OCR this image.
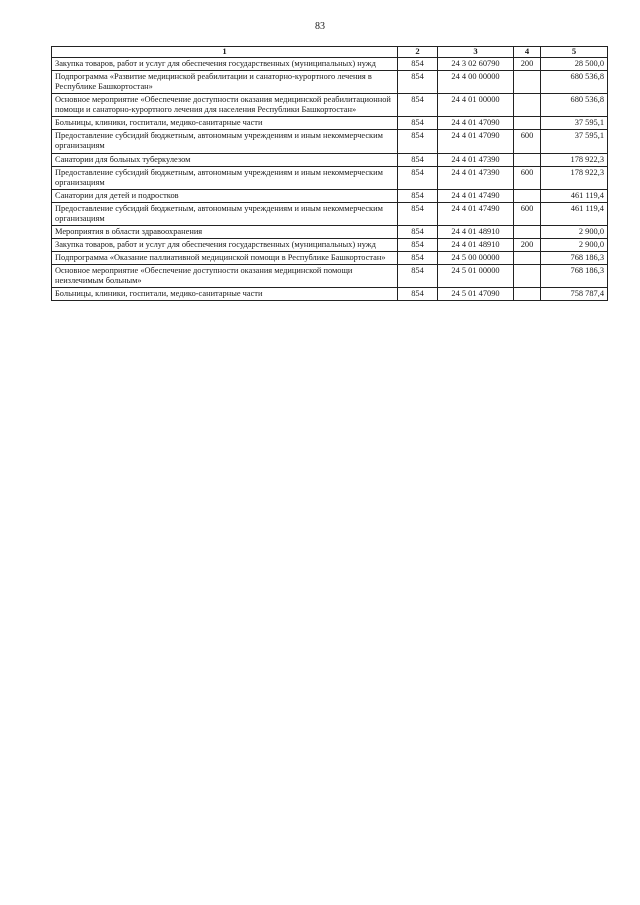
83
1	2	3	4	5
Закупка товаров, работ и услуг для обеспечения государственных (муниципальных) нужд	854	24 3 02 60790	200	28 500,0
Подпрограмма «Развитие медицинской реабилитации и санаторно-курортного лечения в Республике Башкортостан»	854	24 4 00 00000		680 536,8
Основное мероприятие «Обеспечение доступности оказания медицинской реабилитационной помощи и санаторно-курортного лечения для населения Республики Башкортостан»	854	24 4 01 00000		680 536,8
Больницы, клиники, госпитали, медико-санитарные части	854	24 4 01 47090		37 595,1
Предоставление субсидий бюджетным, автономным учреждениям и иным некоммерческим организациям	854	24 4 01 47090	600	37 595,1
Санатории для больных туберкулезом	854	24 4 01 47390		178 922,3
Предоставление субсидий бюджетным, автономным учреждениям и иным некоммерческим организациям	854	24 4 01 47390	600	178 922,3
Санатории для детей и подростков	854	24 4 01 47490		461 119,4
Предоставление субсидий бюджетным, автономным учреждениям и иным некоммерческим организациям	854	24 4 01 47490	600	461 119,4
Мероприятия в области здравоохранения	854	24 4 01 48910		2 900,0
Закупка товаров, работ и услуг для обеспечения государственных (муниципальных) нужд	854	24 4 01 48910	200	2 900,0
Подпрограмма «Оказание паллиативной медицинской помощи в Республике Башкортостан»	854	24 5 00 00000		768 186,3
Основное мероприятие «Обеспечение доступности оказания медицинской помощи неизлечимым больным»	854	24 5 01 00000		768 186,3
Больницы, клиники, госпитали, медико-санитарные части	854	24 5 01 47090		758 787,4
